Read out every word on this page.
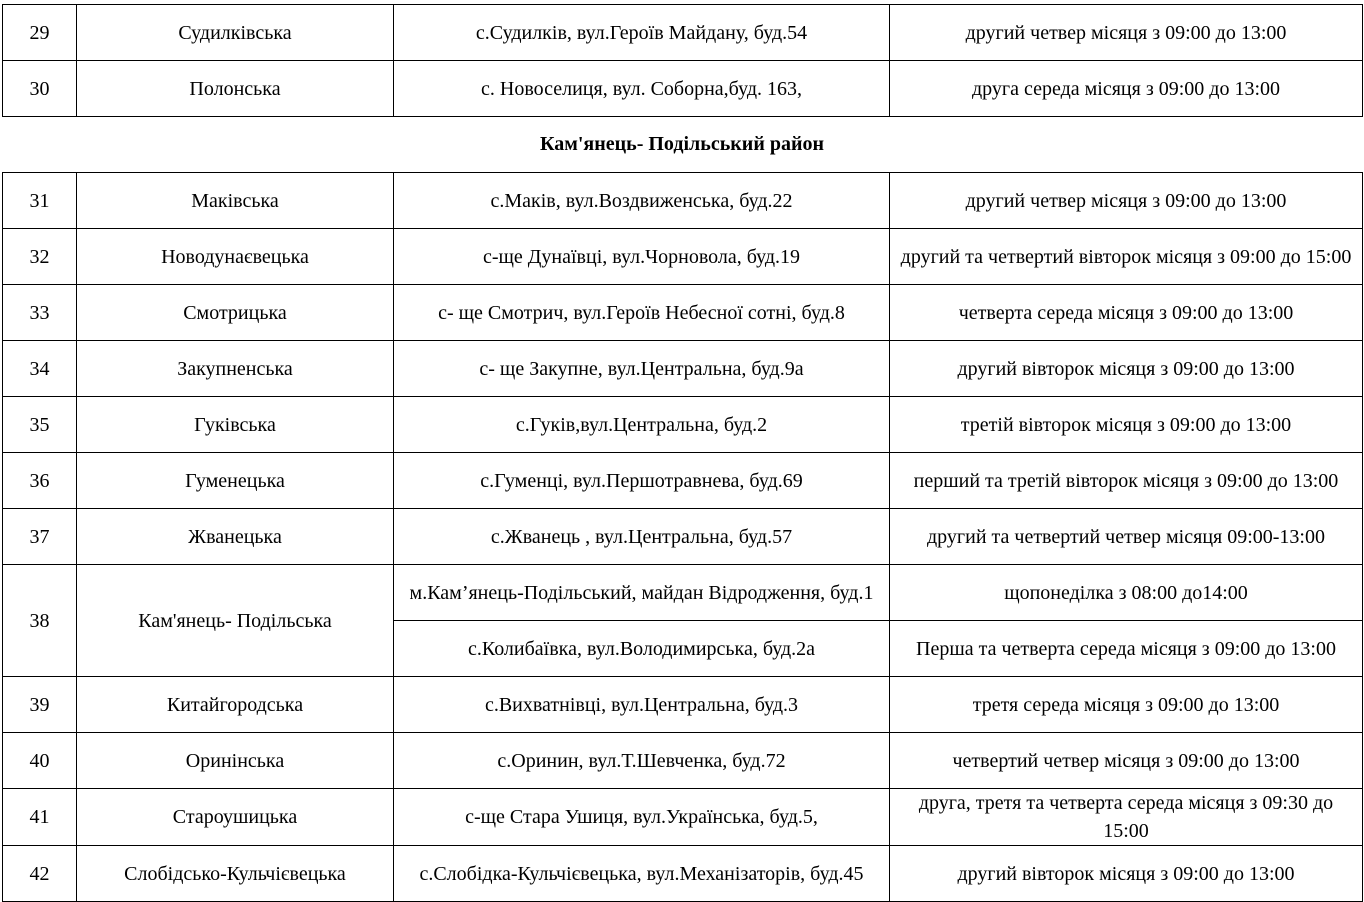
29	Судилківська	с.Судилків, вул.Героїв Майдану, буд.54	другий четвер місяця з 09:00 до 13:00
30	Полонська	с. Новоселиця, вул. Соборна,буд. 163,	друга середа місяця з 09:00 до 13:00
Кам'янець- Подільський район
31	Маківська	с.Маків, вул.Воздвиженська, буд.22	другий четвер місяця з 09:00 до 13:00
32	Новодунаєвецька	с-ще Дунаївці, вул.Чорновола, буд.19	другий та четвертий вівторок місяця з 09:00 до 15:00
33	Смотрицька	с- ще Смотрич, вул.Героїв Небесної сотні, буд.8	четверта середа місяця з 09:00 до 13:00
34	Закупненська	с- ще Закупне, вул.Центральна, буд.9а	другий вівторок місяця з 09:00 до 13:00
35	Гуківська	с.Гуків,вул.Центральна, буд.2	третій вівторок місяця з 09:00 до 13:00
36	Гуменецька	с.Гуменці, вул.Першотравнева, буд.69	перший та третій вівторок місяця з 09:00 до 13:00
37	Жванецька	с.Жванець , вул.Центральна, буд.57	другий та четвертий четвер місяця 09:00-13:00
38	Кам'янець- Подільська	м.Кам’янець-Подільський, майдан Відродження, буд.1	щопонеділка з 08:00 до14:00
		с.Колибаївка, вул.Володимирська, буд.2а	Перша та четверта середа місяця з 09:00 до 13:00
39	Китайгородська	с.Вихватнівці, вул.Центральна, буд.3	третя середа місяця з 09:00 до 13:00
40	Оринінська	с.Оринин, вул.Т.Шевченка, буд.72	четвертий четвер місяця з 09:00 до 13:00
41	Староушицька	с-ще Стара Ушиця, вул.Українська, буд.5,	друга, третя та четверта середа місяця з 09:30 до 15:00
42	Слобідсько-Кульчієвецька	с.Слобідка-Кульчієвецька, вул.Механізаторів, буд.45	другий вівторок місяця з 09:00 до 13:00
